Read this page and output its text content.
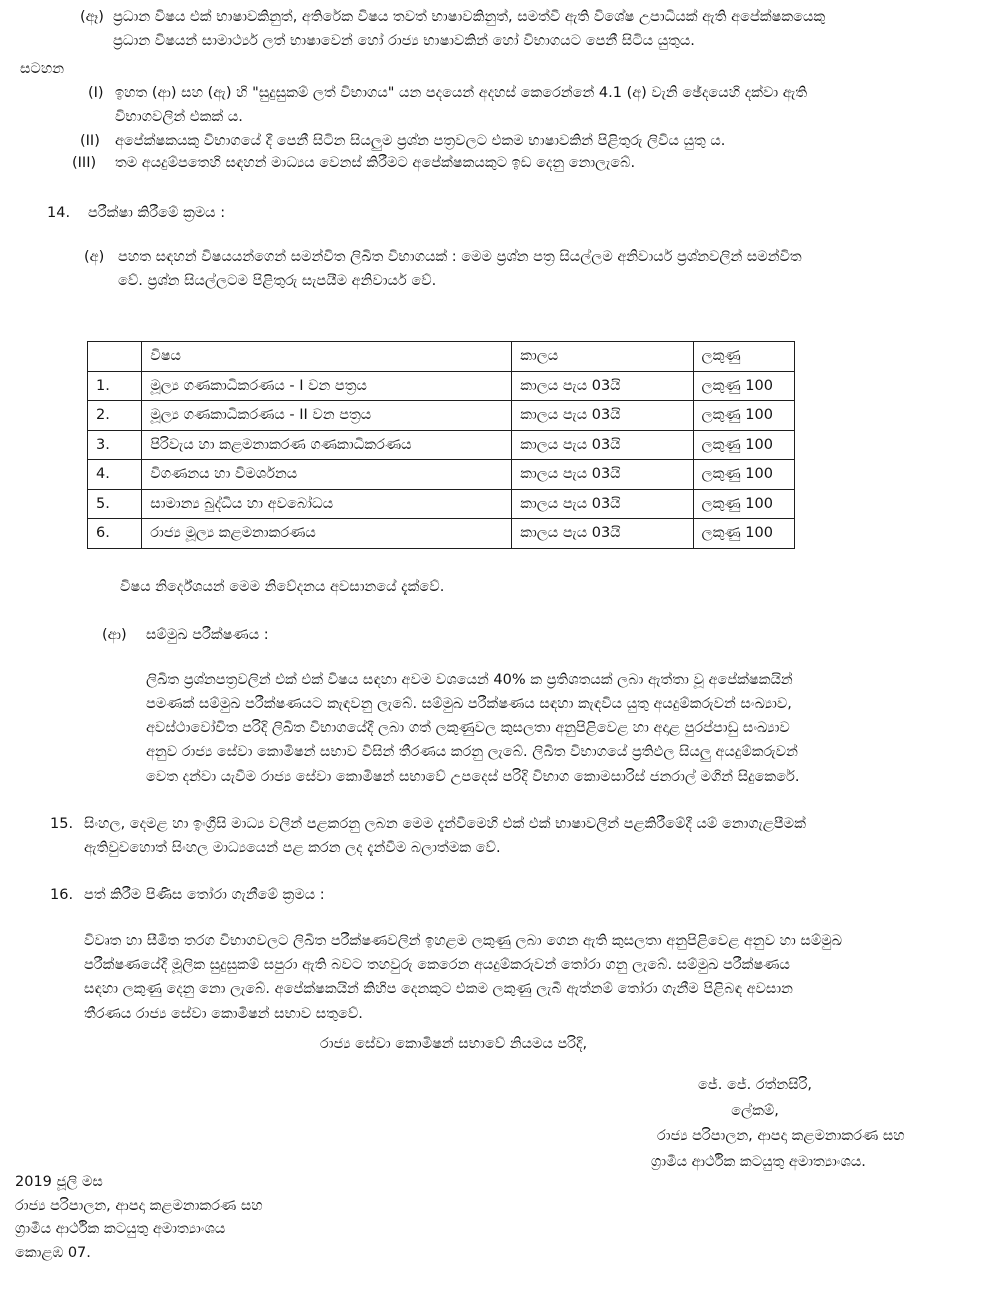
(ඈ) ප්‍රධාන විෂය එක් භාෂාවකිනුත්, අතිරේක විෂය තවත් භාෂාවකිනුත්, සමත්වී ඇති විශේෂ උපාධියක් ඇති අපේක්ෂකයෙකු
ප්‍රධාන විෂයන් සාමාර්ථ්‍ය ලත් භාෂාවෙන් හෝ රාජ්‍ය භාෂාවකින් හෝ විභාගයට පෙනී සිටිය යුතුය.
සටහන
(I) ඉහත (ආ) සහ (ඇ) හි "සුදුසුකම් ලත් විභාගය" යන පදයෙන් අදහස් කෙරෙන්නේ 4.1 (අ) වැනි ඡේදයෙහි දක්වා ඇති
විභාගවලින් එකක් ය.
(II) අපේක්ෂකයකු විභාගයේ දී පෙනී සිටින සියලුම ප්‍රශ්න පත්‍රවලට එකම භාෂාවකින් පිළිතුරු ලිවිය යුතු ය.
(III) තම අයදුම්පතෙහි සඳහන් මාධ්‍යය වෙනස් කිරීමට අපේක්ෂකයකුට ඉඩ දෙනු නොලැබේ.
14. පරීක්ෂා කිරීමේ ක්‍රමය :
(අ) පහත සඳහන් විෂයයන්ගෙන් සමන්විත ලිඛිත විභාගයක් : මෙම ප්‍රශ්න පත්‍ර සියල්ලම අනිවාර්ය ප්‍රශ්නවලින් සමන්විත
වේ. ප්‍රශ්න සියල්ලටම පිළිතුරු සැපයීම අනිවාර්ය වේ.
	විෂය	කාලය	ලකුණු
1.	මූල්‍ය ගණකාධිකරණය - I වන පත්‍රය	කාලය පැය 03යි	ලකුණු 100
2.	මූල්‍ය ගණකාධිකරණය - II වන පත්‍රය	කාලය පැය 03යි	ලකුණු 100
3.	පිරිවැය හා කළමනාකරණ ගණකාධිකරණය	කාලය පැය 03යි	ලකුණු 100
4.	විගණනය හා විමර්ශනය	කාලය පැය 03යි	ලකුණු 100
5.	සාමාන්‍ය බුද්ධිය හා අවබෝධය	කාලය පැය 03යි	ලකුණු 100
6.	රාජ්‍ය මූල්‍ය කළමනාකරණය	කාලය පැය 03යි	ලකුණු 100
විෂය නිර්දේශයන් මෙම නිවේදනය අවසානයේ දැක්වේ.
(ආ) සම්මුඛ පරීක්ෂණය :
ලිඛිත ප්‍රශ්නපත්‍රවලින් එක් එක් විෂය සඳහා අවම වශයෙන් 40% ක ප්‍රතිශතයක් ලබා ඇත්තා වූ අපේක්ෂකයින්
පමණක් සම්මුඛ පරීක්ෂණයට කැඳවනු ලැබේ. සම්මුඛ පරීක්ෂණය සඳහා කැඳවිය යුතු අයදුම්කරුවන් සංඛ්‍යාව,
අවස්ථාවෝචිත පරිදි ලිඛිත විභාගයේදී ලබා ගත් ලකුණුවල කුසලතා අනුපිළිවෙළ හා අදාළ පුරප්පාඩු සංඛ්‍යාව
අනුව රාජ්‍ය සේවා කොමිෂන් සභාව විසින් තීරණය කරනු ලැබේ. ලිඛිත විභාගයේ ප්‍රතිඵල සියලු අයදුම්කරුවන්
වෙත දන්වා යැවීම රාජ්‍ය සේවා කොමිෂන් සභාවේ උපදෙස් පරිදි විභාග කොමසාරිස් ජනරාල් මගින් සිදුකෙරේ.
15. සිංහල, දෙමළ හා ඉංග්‍රීසි මාධ්‍ය වලින් පළකරනු ලබන මෙම දැන්වීමෙහි එක් එක් භාෂාවලින් පළකිරීමේදී යම් නොගැළපීමක්
ඇතිවුවහොත් සිංහල මාධ්‍යයෙන් පළ කරන ලද දැන්වීම බලාත්මක වේ.
16. පත් කිරීම පිණිස තෝරා ගැනීමේ ක්‍රමය :
විවෘත හා සීමිත තරග විභාගවලට ලිඛිත පරීක්ෂණවලින් ඉහළම ලකුණු ලබා ගෙන ඇති කුසලතා අනුපිළිවෙළ අනුව හා සම්මුඛ
පරීක්ෂණයේදී මූලික සුදුසුකම් සපුරා ඇති බවට තහවුරු කෙරෙන අයදුම්කරුවන් තෝරා ගනු ලැබේ. සම්මුඛ පරීක්ෂණය
සඳහා ලකුණු දෙනු නො ලැබේ. අපේක්ෂකයින් කිහිප දෙනකුට එකම ලකුණු ලැබී ඇත්නම් තෝරා ගැනීම පිළිබඳ අවසාන
තීරණය රාජ්‍ය සේවා කොමිෂන් සභාව සතුවේ.
රාජ්‍ය සේවා කොමිෂන් සභාවේ නියමය පරිදි,
ජේ. ජේ. රත්නසිරි,
ලේකම්,
රාජ්‍ය පරිපාලන, ආපදා කළමනාකරණ සහ
ග්‍රාමීය ආර්ථික කටයුතු අමාත්‍යාංශය.
2019 ජූලි මස
රාජ්‍ය පරිපාලන, ආපදා කළමනාකරණ සහ
ග්‍රාමීය ආර්ථික කටයුතු අමාත්‍යාංශය
කොළඹ 07.
